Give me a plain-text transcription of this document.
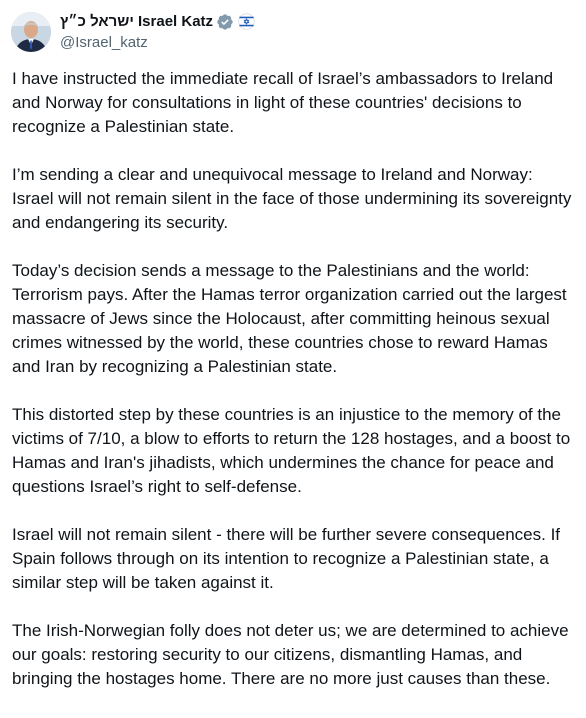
ישראל כ״ץ Israel Katz
@Israel_katz

I have instructed the immediate recall of Israel’s ambassadors to Ireland and Norway for consultations in light of these countries' decisions to recognize a Palestinian state.

I’m sending a clear and unequivocal message to Ireland and Norway: Israel will not remain silent in the face of those undermining its sovereignty and endangering its security.

Today’s decision sends a message to the Palestinians and the world: Terrorism pays. After the Hamas terror organization carried out the largest massacre of Jews since the Holocaust, after committing heinous sexual crimes witnessed by the world, these countries chose to reward Hamas and Iran by recognizing a Palestinian state.

This distorted step by these countries is an injustice to the memory of the victims of 7/10, a blow to efforts to return the 128 hostages, and a boost to Hamas and Iran's jihadists, which undermines the chance for peace and questions Israel’s right to self-defense.

Israel will not remain silent - there will be further severe consequences. If Spain follows through on its intention to recognize a Palestinian state, a similar step will be taken against it.

The Irish-Norwegian folly does not deter us; we are determined to achieve our goals: restoring security to our citizens, dismantling Hamas, and bringing the hostages home. There are no more just causes than these.
